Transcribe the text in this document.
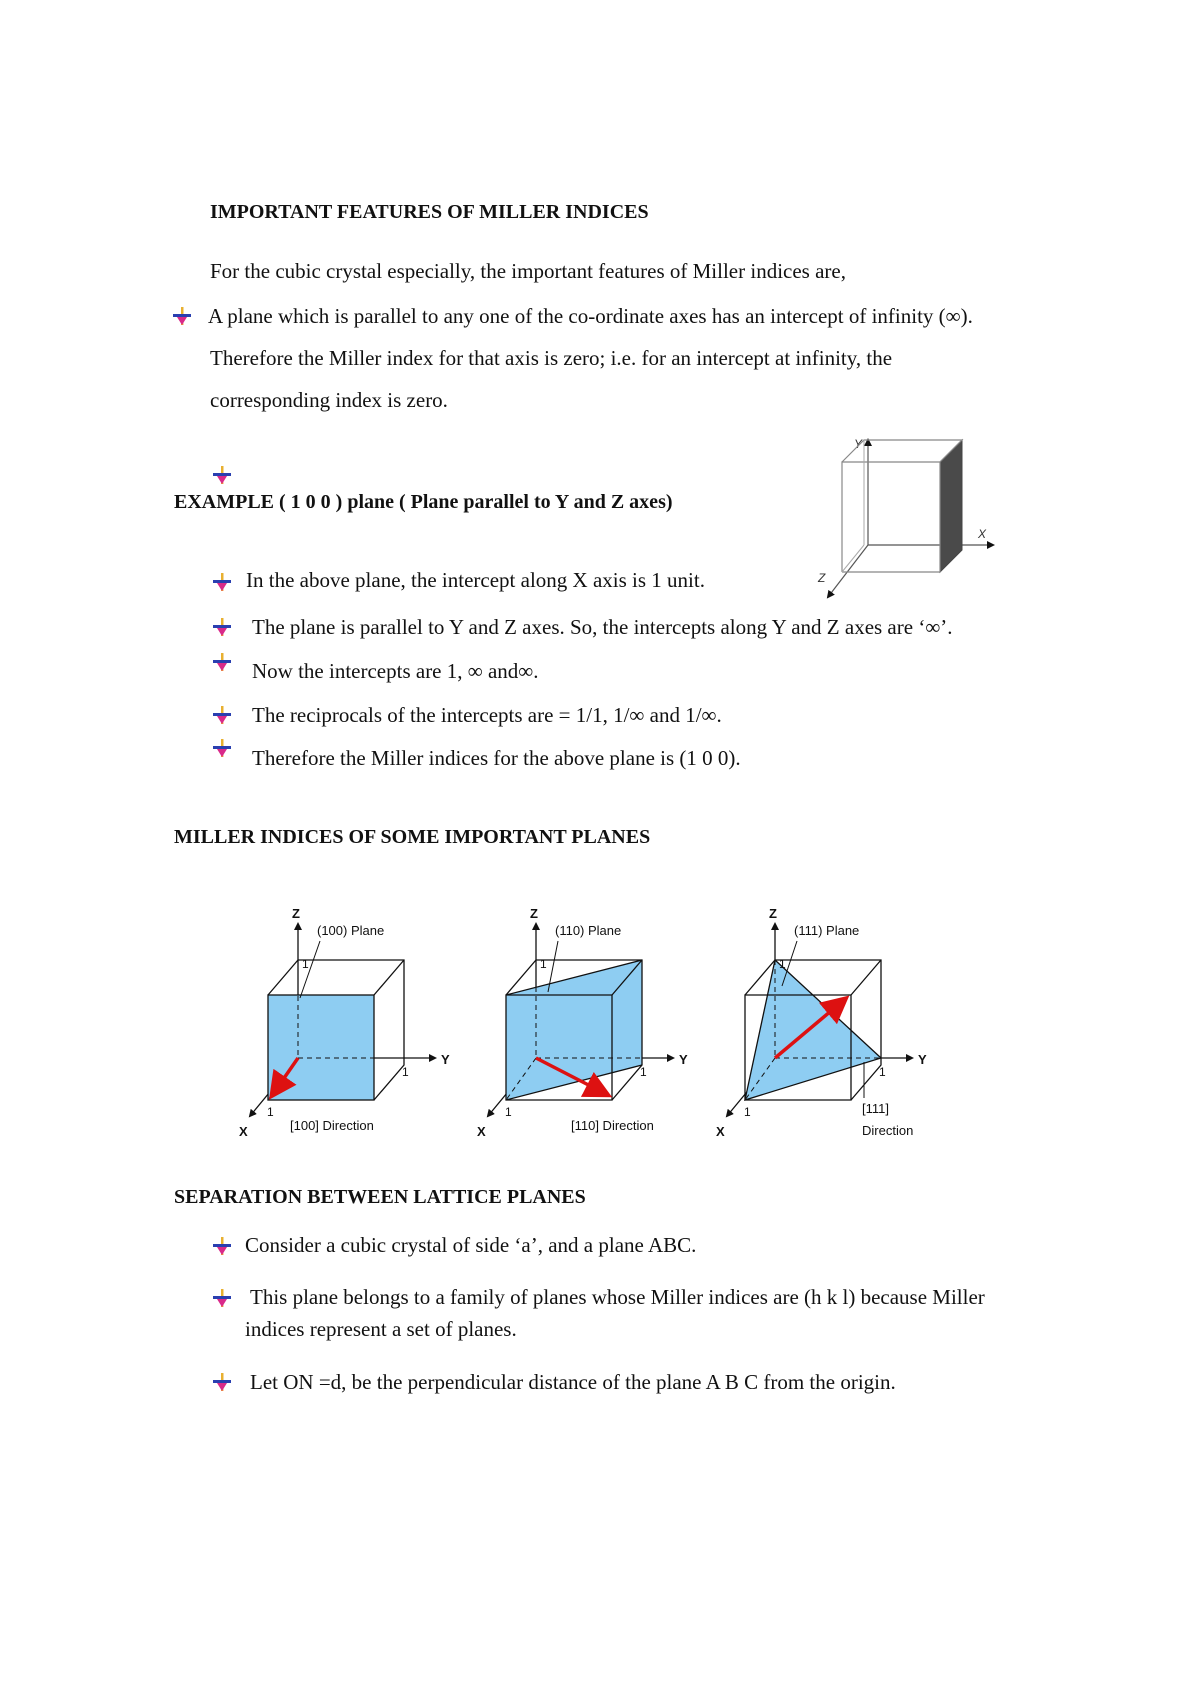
IMPORTANT FEATURES OF MILLER INDICES
For the cubic crystal especially, the important features of Miller indices are,
A plane which is parallel to any one of the co-ordinate axes has an intercept of infinity (∞).
Therefore the Miller index for that axis is zero; i.e. for an intercept at infinity, the
corresponding index is zero.
EXAMPLE ( 1 0 0 ) plane ( Plane parallel to Y and Z axes)
Y
X
Z
In the above plane, the intercept along X axis is 1 unit.
The plane is parallel to Y and Z axes. So, the intercepts along Y and Z axes are ‘∞’.
Now the intercepts are 1, ∞ and∞.
The reciprocals of the intercepts are = 1/1, 1/∞ and 1/∞.
Therefore the Miller indices for the above plane is (1 0 0).
MILLER INDICES OF SOME IMPORTANT PLANES
Z
Y
X
1
1
1
(100) Plane
[100] Direction
Z
Y
X
1
1
1
(110) Plane
[110] Direction
Z
Y
X
1
1
1
(111) Plane
[111]
Direction
SEPARATION BETWEEN LATTICE PLANES
Consider a cubic crystal of side ‘a’, and a plane ABC.
This plane belongs to a family of planes whose Miller indices are (h k l) because Miller
indices represent a set of planes.
Let ON =d, be the perpendicular distance of the plane A B C from the origin.
